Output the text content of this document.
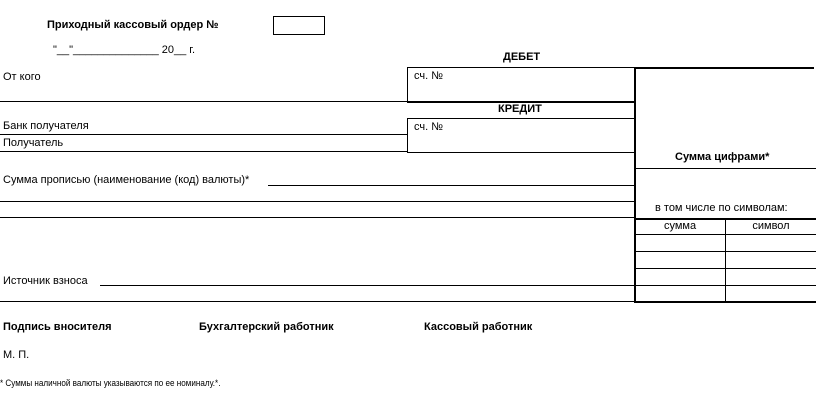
Приходный кассовый ордер №
"__"______________ 20__ г.
ДЕБЕТ
От кого	сч. №
КРЕДИТ
Банк получателя
Получатель
сч. №
Сумма цифрами*
в том числе по символам:
сумма	символ
Сумма прописью (наименование (код) валюты)*
Источник взноса
Подпись вносителя	Бухгалтерский работник	Кассовый работник
М. П.
* Суммы наличной валюты указываются по ее номиналу.*.
